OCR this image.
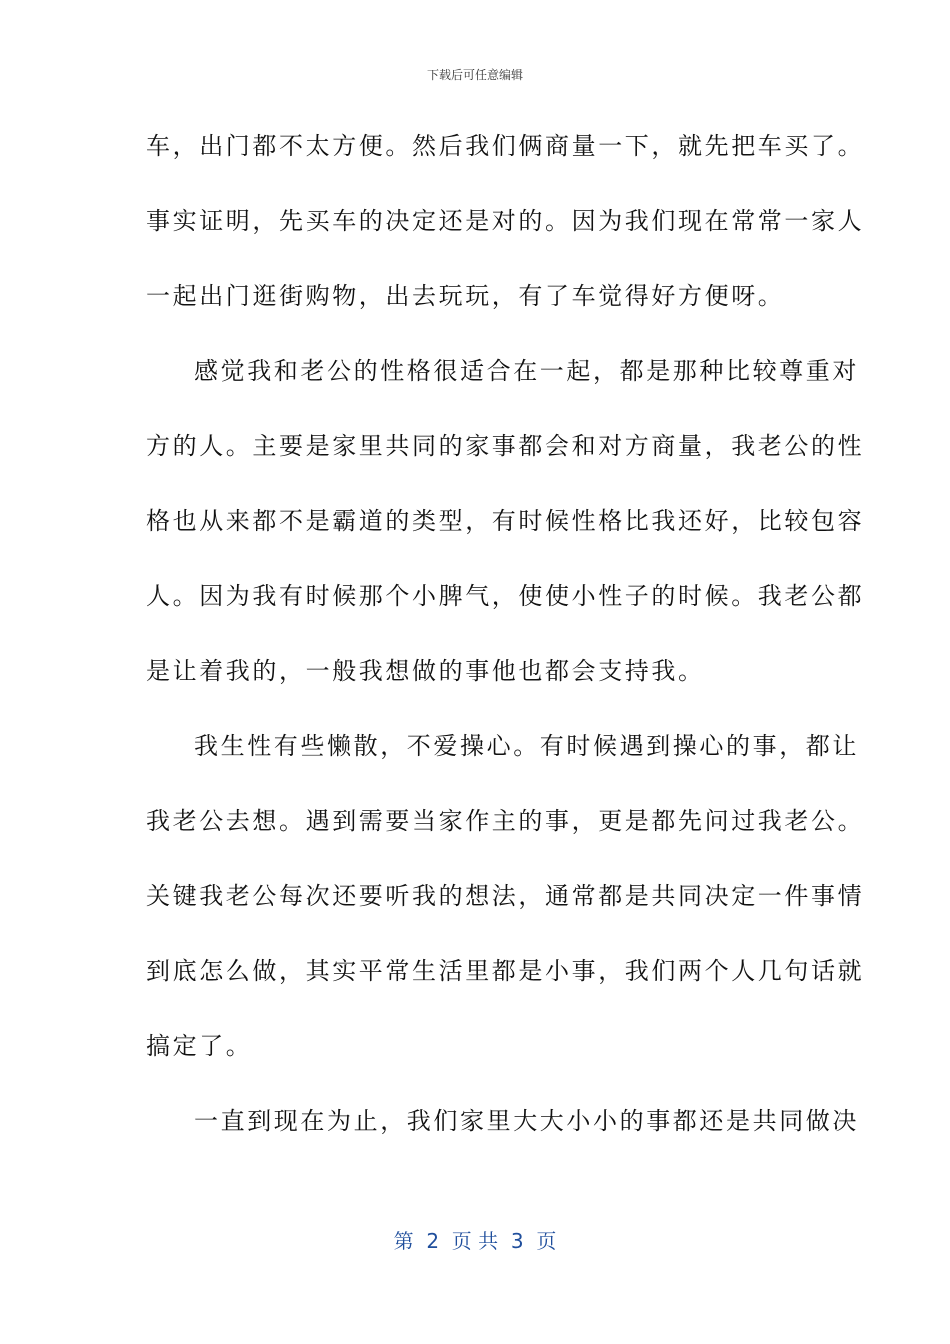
下载后可任意编辑
车，出门都不太方便。然后我们俩商量一下，就先把车买了。
事实证明，先买车的决定还是对的。因为我们现在常常一家人
一起出门逛街购物，出去玩玩，有了车觉得好方便呀。
感觉我和老公的性格很适合在一起，都是那种比较尊重对
方的人。主要是家里共同的家事都会和对方商量，我老公的性
格也从来都不是霸道的类型，有时候性格比我还好，比较包容
人。因为我有时候那个小脾气，使使小性子的时候。我老公都
是让着我的，一般我想做的事他也都会支持我。
我生性有些懒散，不爱操心。有时候遇到操心的事，都让
我老公去想。遇到需要当家作主的事，更是都先问过我老公。
关键我老公每次还要听我的想法，通常都是共同决定一件事情
到底怎么做，其实平常生活里都是小事，我们两个人几句话就
搞定了。
一直到现在为止，我们家里大大小小的事都还是共同做决
第  2  页 共  3  页
